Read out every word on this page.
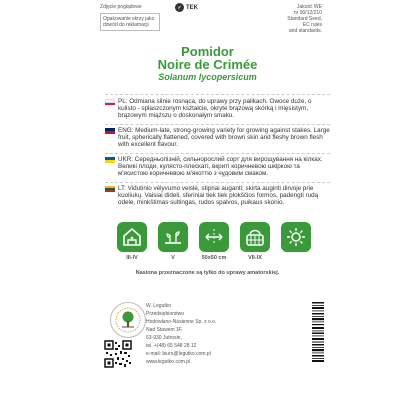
Zdjęcie poglądowe
Opakowanie skrzy jako dowód do reklamacji
✓ TEK	Jakość WE
nr 90/12/210
Standard Seed,
EC rules
and standards.
Pomidor
Noire de Crimée
Solanum lycopersicum
PL: Odmiana silnie rosnąca, do uprawy przy palikach. Owoce duże, o kulisto - spłaszczonym kształcie, okryte brązową skórką i mięsistym, brązowym miąższu o doskonałym smaku.
ENG: Medium-late, strong-growing variety for growing against stakes. Large fruit, spherically flattened, covered with brown skin and fleshy brown flesh with excellent flavour.
UKR: Середньопізній, сильнорослий сорт для вирощування на кілках. Великі плоди, кулясто-плескаті, вкриті коричневою шкіркою та м'ясистою коричневою м'якоттю з чудовим смаком.
LT: Vidutinio vėlyvumo veislė, stipriai auganti; skirta auginti dirvoje prie kuoliukų. Vaisiai dideli, sferiniai tiek tiek plokščios formos, padengti rudą odele, minkštimas sultingas, rudos spalvos, puikaus skonio.
III-IV	V	50x50 cm	VII-IX
Nasiona przeznaczone są tylko do uprawy amatorskiej.
W. Legutko
Przedsiębiorstwo
Hodowlano-Nasienne Sp. z o.o.
Nad Stawem 1F,
63-930 Jutrosin,
tel. +(48) 65 548 28 12
e-mail: biuro@legutko.com.pl
www.legutko.com.pl
